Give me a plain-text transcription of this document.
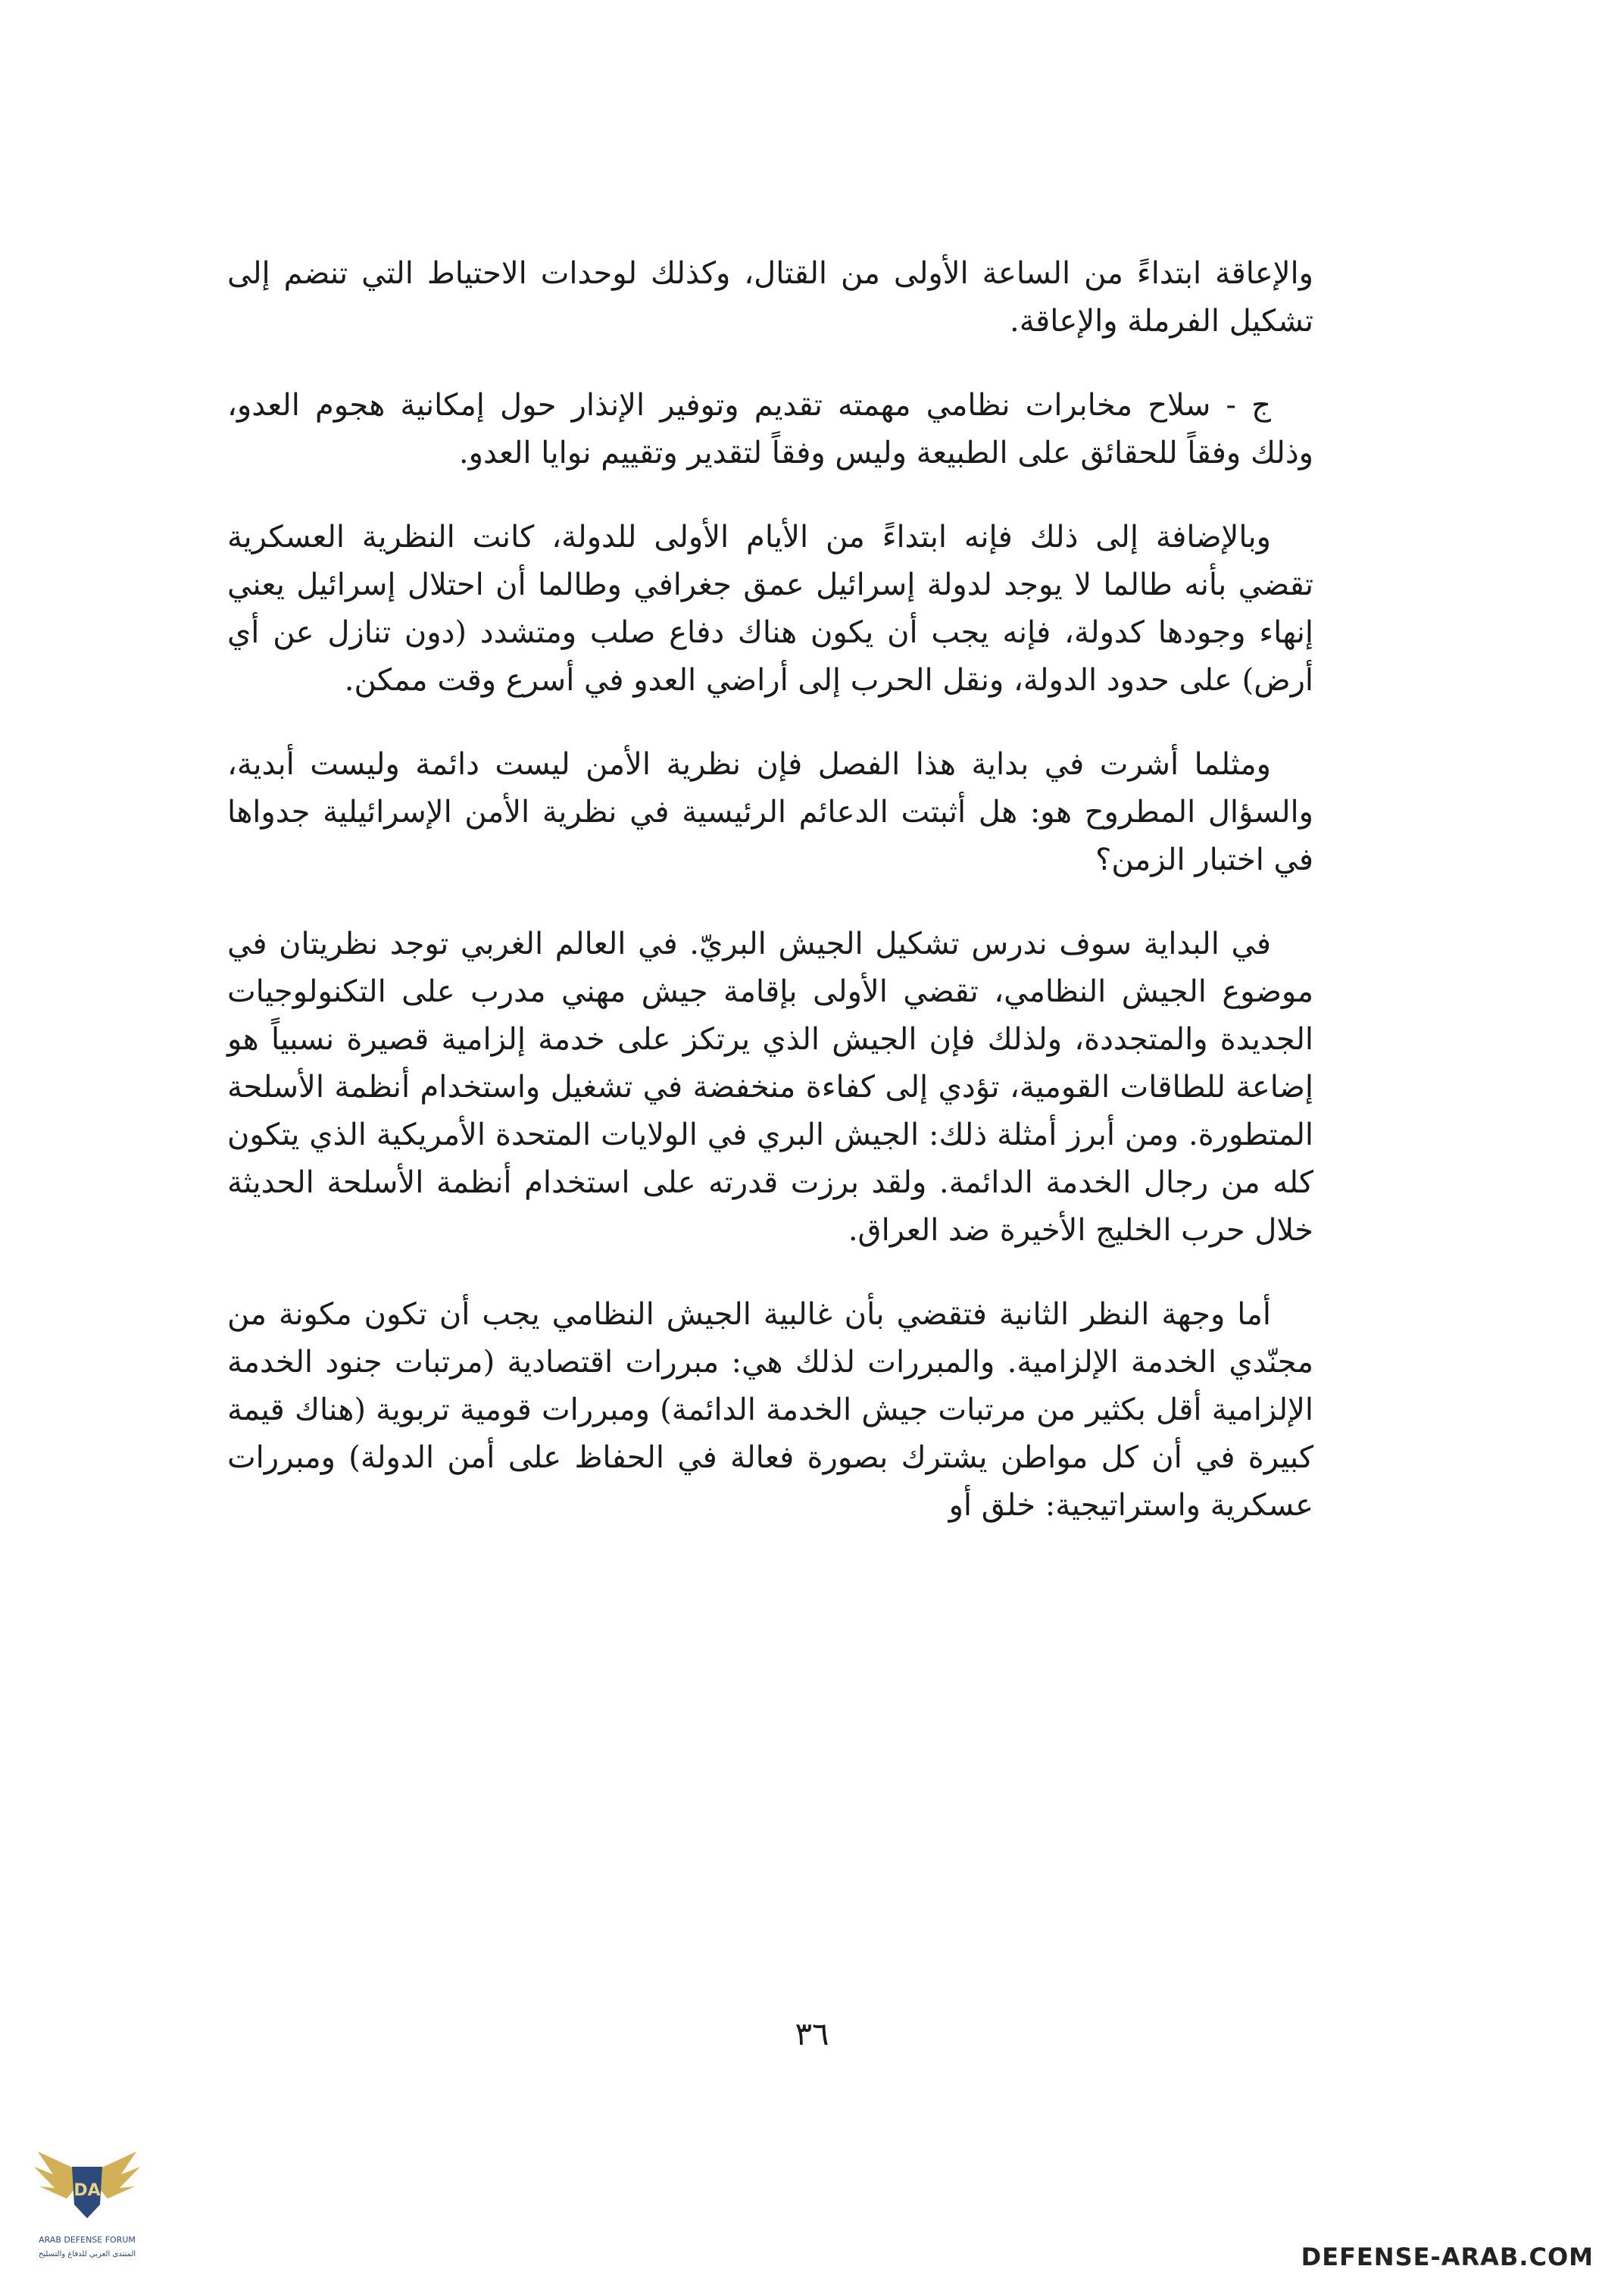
والإعاقة ابتداءً من الساعة الأولى من القتال، وكذلك لوحدات الاحتياط التي تنضم إلى تشكيل الفرملة والإعاقة.

ج - سلاح مخابرات نظامي مهمته تقديم وتوفير الإنذار حول إمكانية هجوم العدو، وذلك وفقاً للحقائق على الطبيعة وليس وفقاً لتقدير وتقييم نوايا العدو.

وبالإضافة إلى ذلك فإنه ابتداءً من الأيام الأولى للدولة، كانت النظرية العسكرية تقضي بأنه طالما لا يوجد لدولة إسرائيل عمق جغرافي وطالما أن احتلال إسرائيل يعني إنهاء وجودها كدولة، فإنه يجب أن يكون هناك دفاع صلب ومتشدد (دون تنازل عن أي أرض) على حدود الدولة، ونقل الحرب إلى أراضي العدو في أسرع وقت ممكن.

ومثلما أشرت في بداية هذا الفصل فإن نظرية الأمن ليست دائمة وليست أبدية، والسؤال المطروح هو: هل أثبتت الدعائم الرئيسية في نظرية الأمن الإسرائيلية جدواها في اختبار الزمن؟

في البداية سوف ندرس تشكيل الجيش البريّ. في العالم الغربي توجد نظريتان في موضوع الجيش النظامي، تقضي الأولى بإقامة جيش مهني مدرب على التكنولوجيات الجديدة والمتجددة، ولذلك فإن الجيش الذي يرتكز على خدمة إلزامية قصيرة نسبياً هو إضاعة للطاقات القومية، تؤدي إلى كفاءة منخفضة في تشغيل واستخدام أنظمة الأسلحة المتطورة. ومن أبرز أمثلة ذلك: الجيش البري في الولايات المتحدة الأمريكية الذي يتكون كله من رجال الخدمة الدائمة. ولقد برزت قدرته على استخدام أنظمة الأسلحة الحديثة خلال حرب الخليج الأخيرة ضد العراق.

أما وجهة النظر الثانية فتقضي بأن غالبية الجيش النظامي يجب أن تكون مكونة من مجنّدي الخدمة الإلزامية. والمبررات لذلك هي: مبررات اقتصادية (مرتبات جنود الخدمة الإلزامية أقل بكثير من مرتبات جيش الخدمة الدائمة) ومبررات قومية تربوية (هناك قيمة كبيرة في أن كل مواطن يشترك بصورة فعالة في الحفاظ على أمن الدولة) ومبررات عسكرية واستراتيجية: خلق أو

٣٦
DA
ARAB DEFENSE FORUM
المنتدى العربي للدفاع والتسليح	DEFENSE-ARAB.COM
